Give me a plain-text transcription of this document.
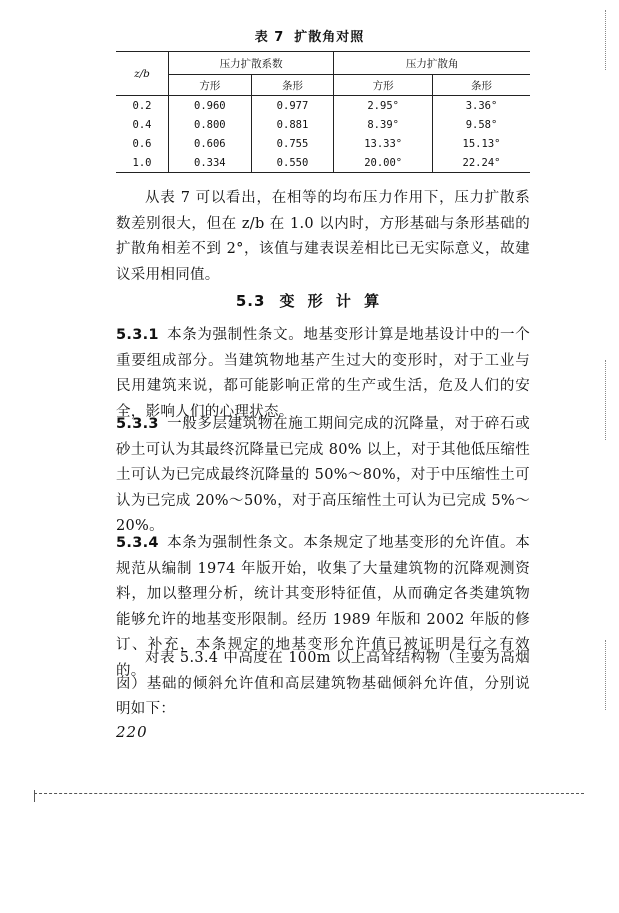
表 7 扩散角对照
z/b	压力扩散系数		压力扩散角	
	方形	条形	方形	条形
0.2	0.960	0.977	2.95°	3.36°
0.4	0.800	0.881	8.39°	9.58°
0.6	0.606	0.755	13.33°	15.13°
1.0	0.334	0.550	20.00°	22.24°

从表 7 可以看出，在相等的均布压力作用下，压力扩散系数差别很大，但在 z/b 在 1.0 以内时，方形基础与条形基础的扩散角相差不到 2°，该值与建表误差相比已无实际意义，故建议采用相同值。

5.3 变 形 计 算

5.3.1 本条为强制性条文。地基变形计算是地基设计中的一个重要组成部分。当建筑物地基产生过大的变形时，对于工业与民用建筑来说，都可能影响正常的生产或生活，危及人们的安全，影响人们的心理状态。

5.3.3 一般多层建筑物在施工期间完成的沉降量，对于碎石或砂土可认为其最终沉降量已完成 80% 以上，对于其他低压缩性土可认为已完成最终沉降量的 50%～80%，对于中压缩性土可认为已完成 20%～50%，对于高压缩性土可认为已完成 5%～20%。

5.3.4 本条为强制性条文。本条规定了地基变形的允许值。本规范从编制 1974 年版开始，收集了大量建筑物的沉降观测资料，加以整理分析，统计其变形特征值，从而确定各类建筑物能够允许的地基变形限制。经历 1989 年版和 2002 年版的修订、补充，本条规定的地基变形允许值已被证明是行之有效的。

对表 5.3.4 中高度在 100m 以上高耸结构物（主要为高烟囱）基础的倾斜允许值和高层建筑物基础倾斜允许值，分别说明如下：

220
